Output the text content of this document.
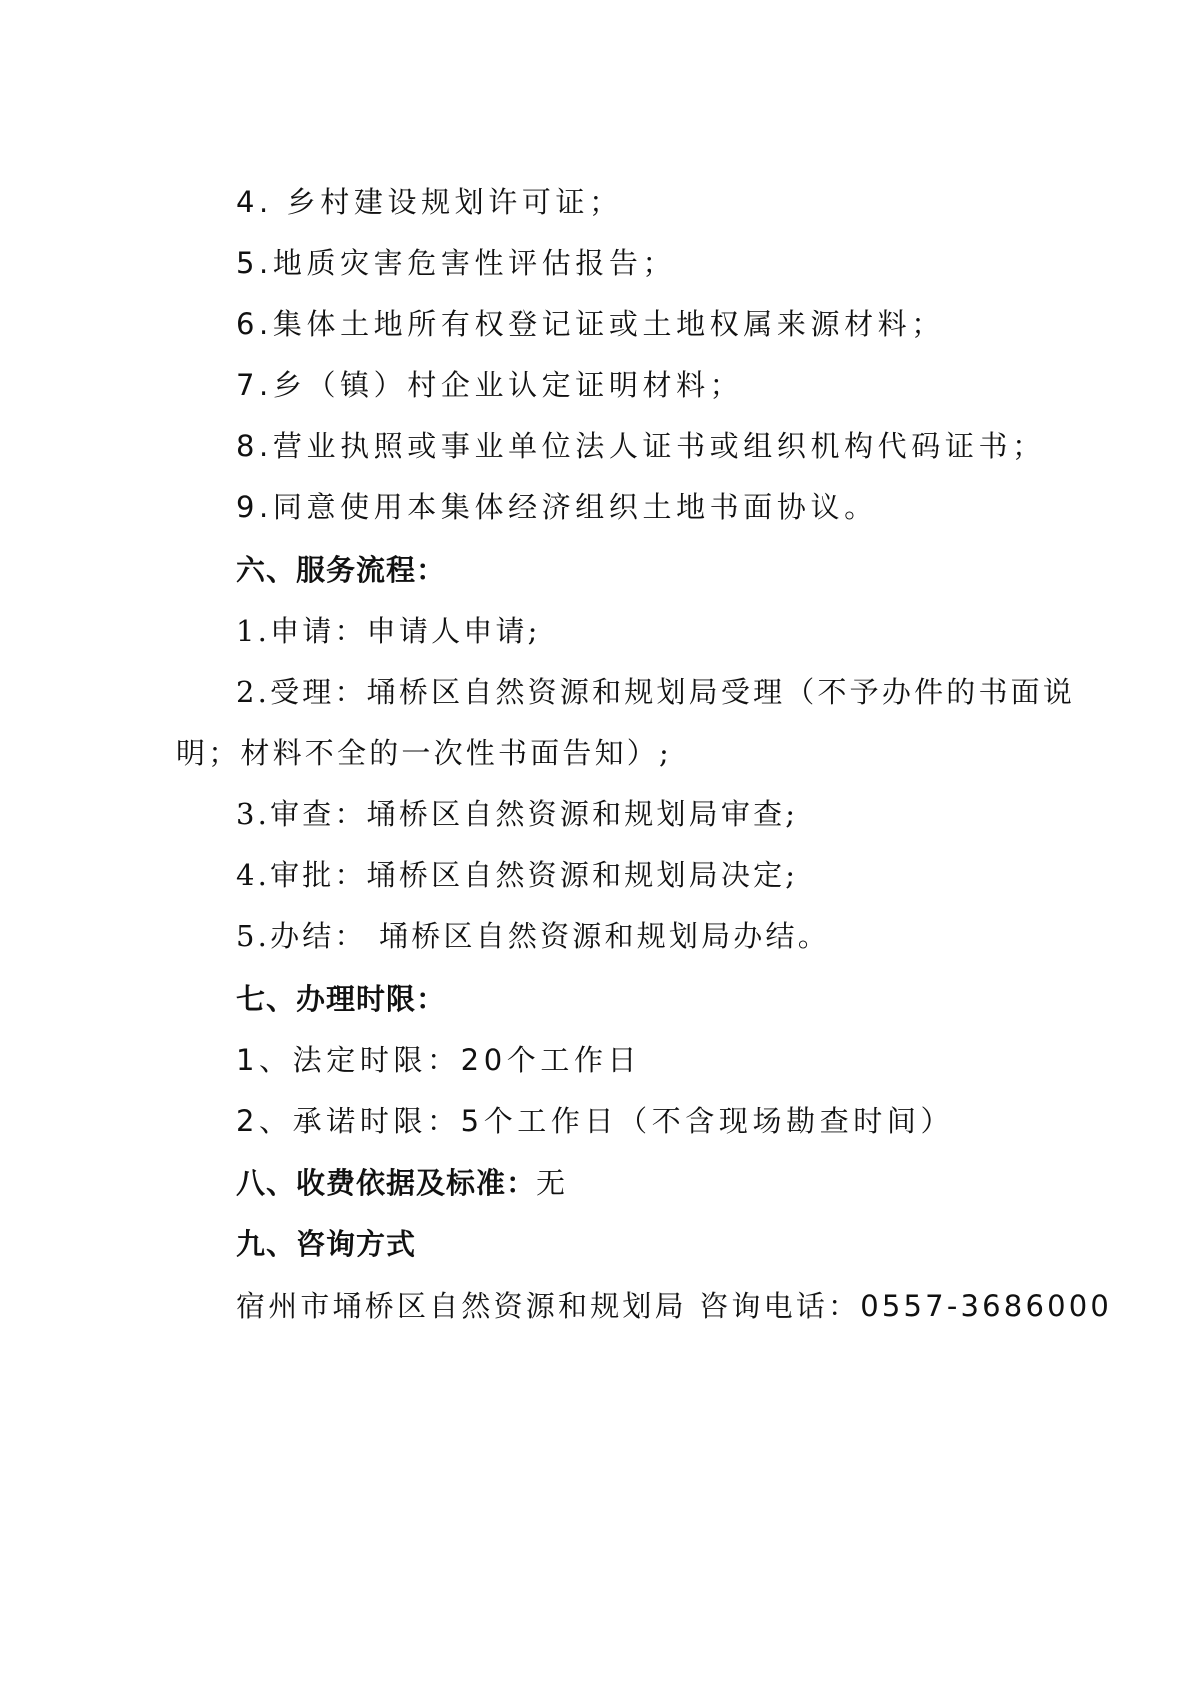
4. 乡村建设规划许可证；
5.地质灾害危害性评估报告；
6.集体土地所有权登记证或土地权属来源材料；
7.乡（镇）村企业认定证明材料；
8.营业执照或事业单位法人证书或组织机构代码证书；
9.同意使用本集体经济组织土地书面协议。
六、服务流程：
1.申请：申请人申请;
2.受理：埇桥区自然资源和规划局受理（不予办件的书面说
明；材料不全的一次性书面告知）;
3.审查：埇桥区自然资源和规划局审查;
4.审批：埇桥区自然资源和规划局决定;
5.办结： 埇桥区自然资源和规划局办结。
七、办理时限：
1、法定时限：20个工作日
2、承诺时限：5个工作日（不含现场勘查时间）
八、收费依据及标准：无
九、咨询方式
宿州市埇桥区自然资源和规划局 咨询电话：0557-3686000
